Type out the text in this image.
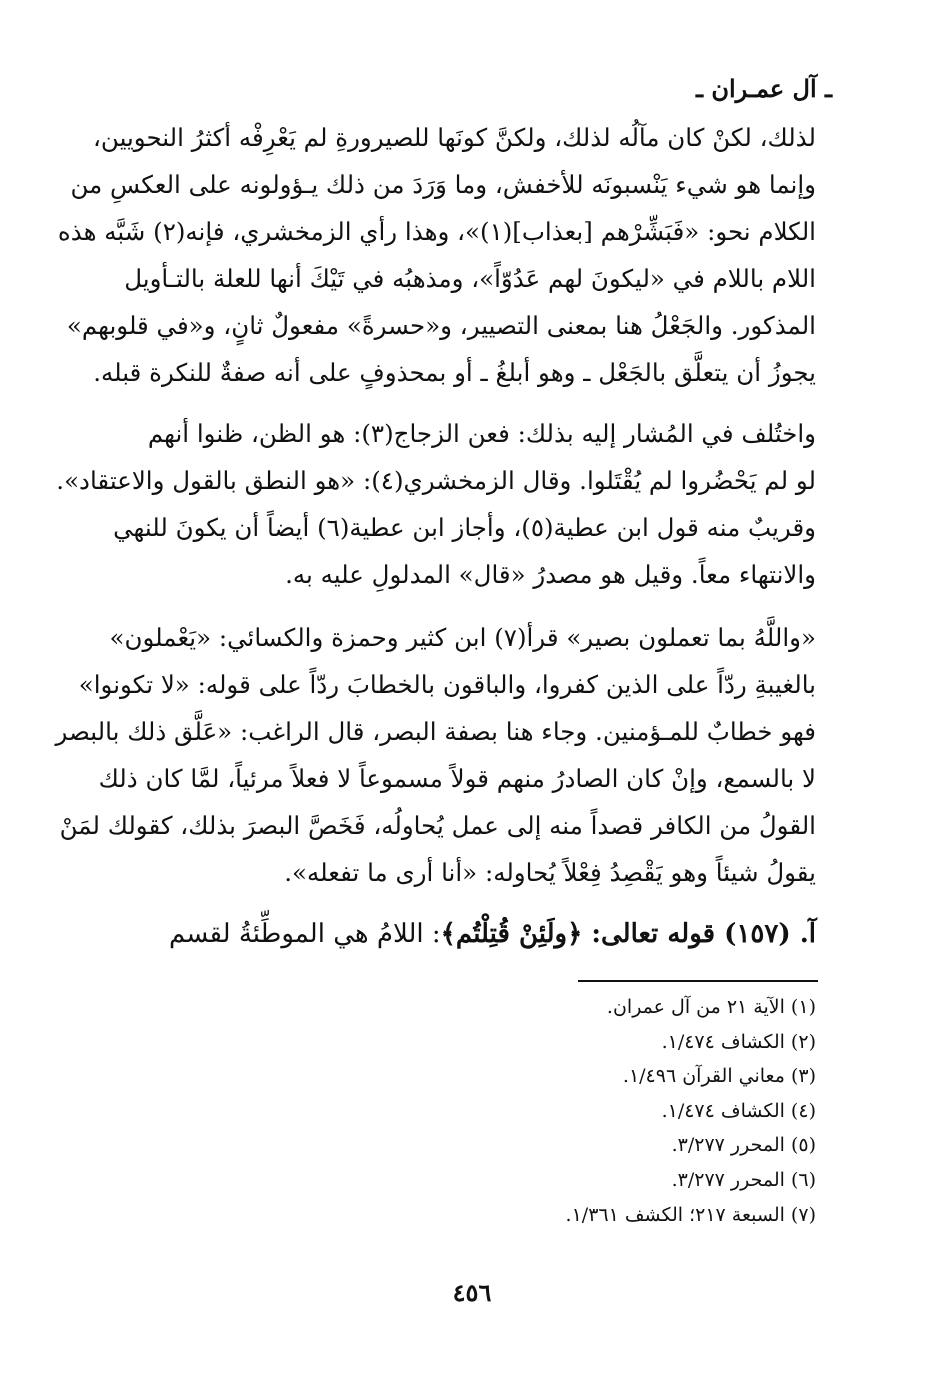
ـ آل عمـران ـ
لذلك، لكنْ كان مآلُه لذلك، ولكنَّ كونَها للصيرورةِ لم يَعْرِفْه أكثرُ النحويين،
وإنما هو شيء يَنْسبونَه للأخفش، وما وَرَدَ من ذلك يـؤولونه على العكسِ من
الكلام نحو: «فَبَشِّرْهم [بعذاب](١)»، وهذا رأي الزمخشري، فإنه(٢) شَبَّه هذه
اللام باللام في «ليكونَ لهم عَدُوّاً»، ومذهبُه في تَيْكَ أنها للعلة بالتـأويل
المذكور. والجَعْلُ هنا بمعنى التصيير، و«حسرةً» مفعولٌ ثانٍ، و«في قلوبهم»
يجوزُ أن يتعلَّق بالجَعْل ـ وهو أبلغُ ـ أو بمحذوفٍ على أنه صفةٌ للنكرة قبله.
واختُلف في المُشار إليه بذلك: فعن الزجاج(٣): هو الظن، ظنوا أنهم
لو لم يَحْضُروا لم يُقْتَلوا. وقال الزمخشري(٤): «هو النطق بالقول والاعتقاد».
وقريبٌ منه قول ابن عطية(٥)، وأجاز ابن عطية(٦) أيضاً أن يكونَ للنهي
والانتهاء معاً. وقيل هو مصدرُ «قال» المدلولِ عليه به.
«واللَّهُ بما تعملون بصير» قرأ(٧) ابن كثير وحمزة والكسائي: «يَعْملون»
بالغيبةِ ردّاً على الذين كفروا، والباقون بالخطابَ ردّاً على قوله: «لا تكونوا»
فهو خطابٌ للمـؤمنين. وجاء هنا بصفة البصر، قال الراغب: «عَلَّق ذلك بالبصر
لا بالسمع، وإنْ كان الصادرُ منهم قولاً مسموعاً لا فعلاً مرئياً، لمَّا كان ذلك
القولُ من الكافر قصداً منه إلى عمل يُحاولُه، فَخَصَّ البصرَ بذلك، كقولك لمَنْ
يقولُ شيئاً وهو يَقْصِدُ فِعْلاً يُحاوله: «أنا أرى ما تفعله».
آ. (١٥٧) قوله تعالى: ﴿ولَئِنْ قُتِلْتُم﴾: اللامُ هي الموطِّئةُ لقسم
(١) الآية ٢١ من آل عمران.
(٢) الكشاف ١/٤٧٤.
(٣) معاني القرآن ١/٤٩٦.
(٤) الكشاف ١/٤٧٤.
(٥) المحرر ٣/٢٧٧.
(٦) المحرر ٣/٢٧٧.
(٧) السبعة ٢١٧؛ الكشف ١/٣٦١.
٤٥٦
